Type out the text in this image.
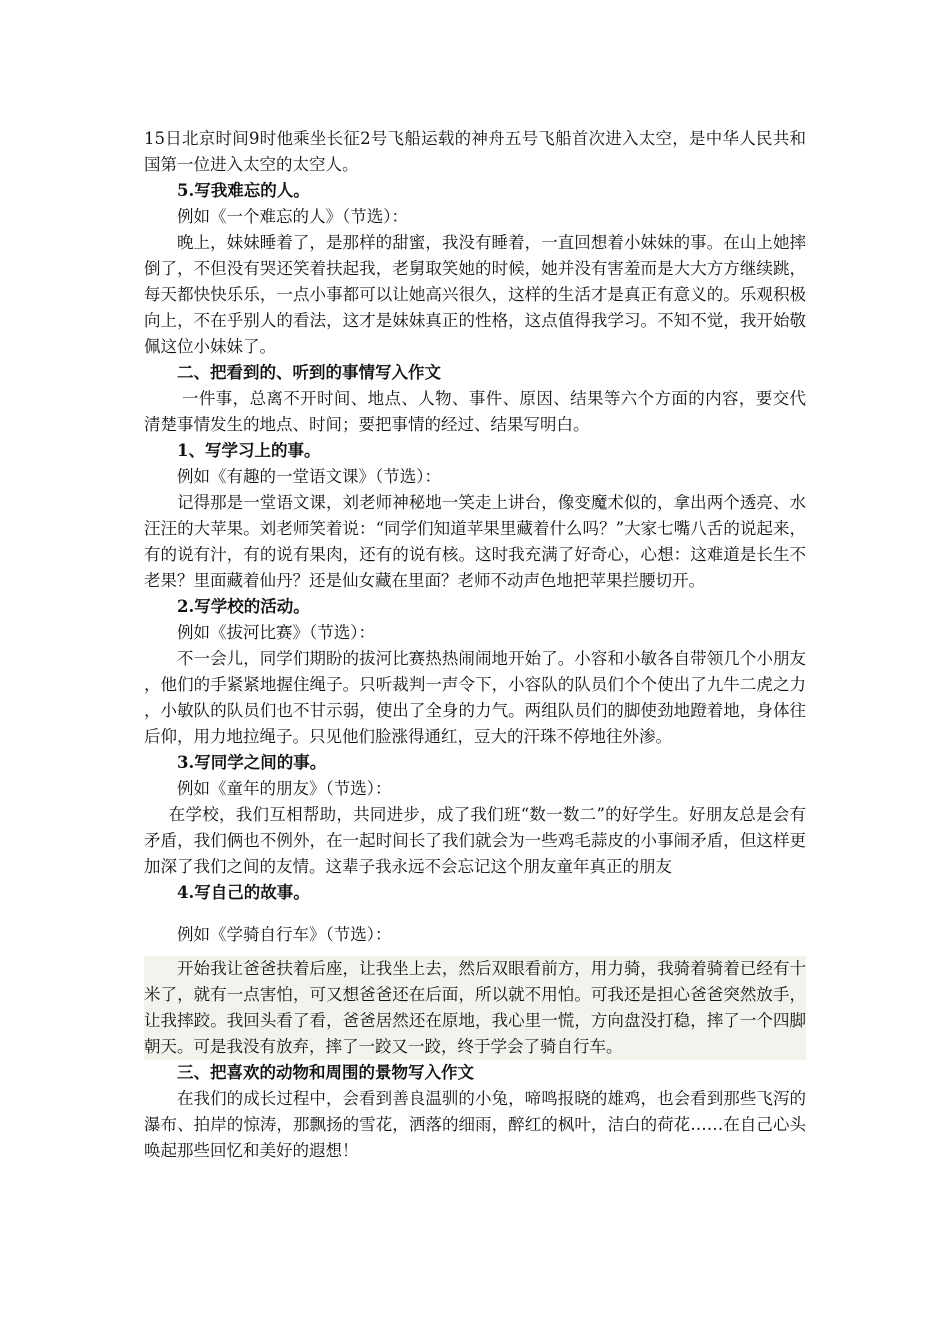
15日北京时间9时他乘坐长征2号飞船运载的神舟五号飞船首次进入太空，是中华人民共和国第一位进入太空的太空人。

5.写我难忘的人。

例如《一个难忘的人》（节选）：

晚上，妹妹睡着了，是那样的甜蜜，我没有睡着，一直回想着小妹妹的事。在山上她摔倒了，不但没有哭还笑着扶起我，老舅取笑她的时候，她并没有害羞而是大大方方继续跳，每天都快快乐乐，一点小事都可以让她高兴很久，这样的生活才是真正有意义的。乐观积极向上，不在乎别人的看法，这才是妹妹真正的性格，这点值得我学习。不知不觉，我开始敬佩这位小妹妹了。

二、把看到的、听到的事情写入作文

一件事，总离不开时间、地点、人物、事件、原因、结果等六个方面的内容，要交代清楚事情发生的地点、时间；要把事情的经过、结果写明白。

1、写学习上的事。

例如《有趣的一堂语文课》（节选）：

记得那是一堂语文课，刘老师神秘地一笑走上讲台，像变魔术似的，拿出两个透亮、水汪汪的大苹果。刘老师笑着说：“同学们知道苹果里藏着什么吗？”大家七嘴八舌的说起来，有的说有汁，有的说有果肉，还有的说有核。这时我充满了好奇心，心想：这难道是长生不老果？里面藏着仙丹？还是仙女藏在里面？老师不动声色地把苹果拦腰切开。

2.写学校的活动。

例如《拔河比赛》（节选）：

不一会儿，同学们期盼的拔河比赛热热闹闹地开始了。小容和小敏各自带领几个小朋友，他们的手紧紧地握住绳子。只听裁判一声令下，小容队的队员们个个使出了九牛二虎之力，小敏队的队员们也不甘示弱，使出了全身的力气。两组队员们的脚使劲地蹬着地，身体往后仰，用力地拉绳子。只见他们脸涨得通红，豆大的汗珠不停地往外渗。

3.写同学之间的事。

例如《童年的朋友》（节选）：

在学校，我们互相帮助，共同进步，成了我们班“数一数二”的好学生。好朋友总是会有矛盾，我们俩也不例外，在一起时间长了我们就会为一些鸡毛蒜皮的小事闹矛盾，但这样更加深了我们之间的友情。这辈子我永远不会忘记这个朋友童年真正的朋友

4.写自己的故事。

例如《学骑自行车》（节选）：

开始我让爸爸扶着后座，让我坐上去，然后双眼看前方，用力骑，我骑着骑着已经有十米了，就有一点害怕，可又想爸爸还在后面，所以就不用怕。可我还是担心爸爸突然放手，让我摔跤。我回头看了看，爸爸居然还在原地，我心里一慌，方向盘没打稳，摔了一个四脚朝天。可是我没有放弃，摔了一跤又一跤，终于学会了骑自行车。

三、把喜欢的动物和周围的景物写入作文

在我们的成长过程中，会看到善良温驯的小兔，啼鸣报晓的雄鸡，也会看到那些飞泻的瀑布、拍岸的惊涛，那飘扬的雪花，洒落的细雨，醉红的枫叶，洁白的荷花……在自己心头唤起那些回忆和美好的遐想！
